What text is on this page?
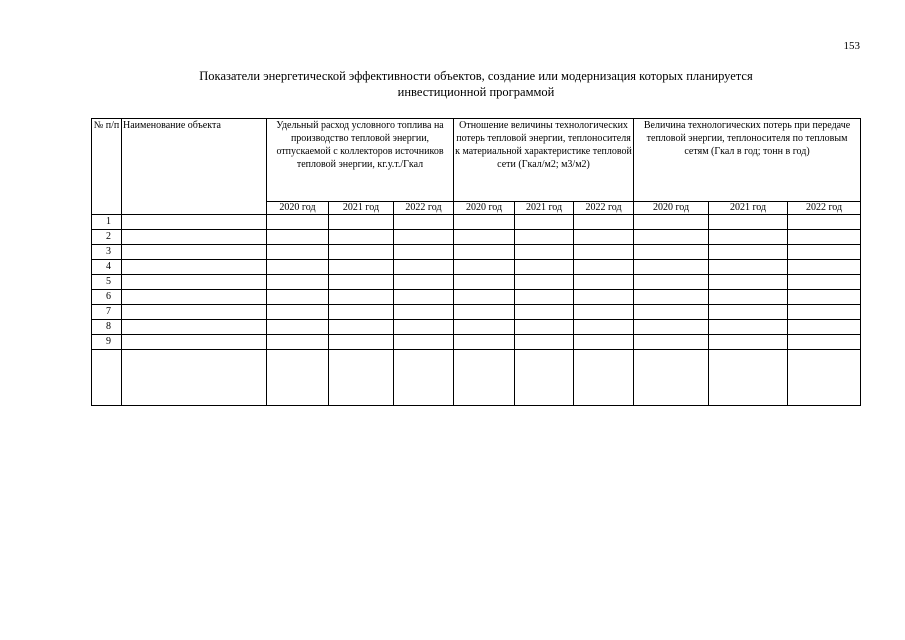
153
Показатели энергетической эффективности объектов, создание или модернизация которых планируется
инвестиционной программой
№ п/п	Наименование объекта	Удельный расход условного топлива на производство тепловой энергии, отпускаемой с коллекторов источников тепловой энергии, кг.у.т./Гкал			Отношение величины технологических потерь тепловой энергии, теплоносителя к материальной характеристике тепловой сети (Гкал/м2; м3/м2)			Величина технологических потерь при передаче тепловой энергии, теплоносителя по тепловым сетям (Гкал в год; тонн в год)		
		2020 год	2021 год	2022 год	2020 год	2021 год	2022 год	2020 год	2021 год	2022 год
1										
2										
3										
4										
5										
6										
7										
8										
9										
